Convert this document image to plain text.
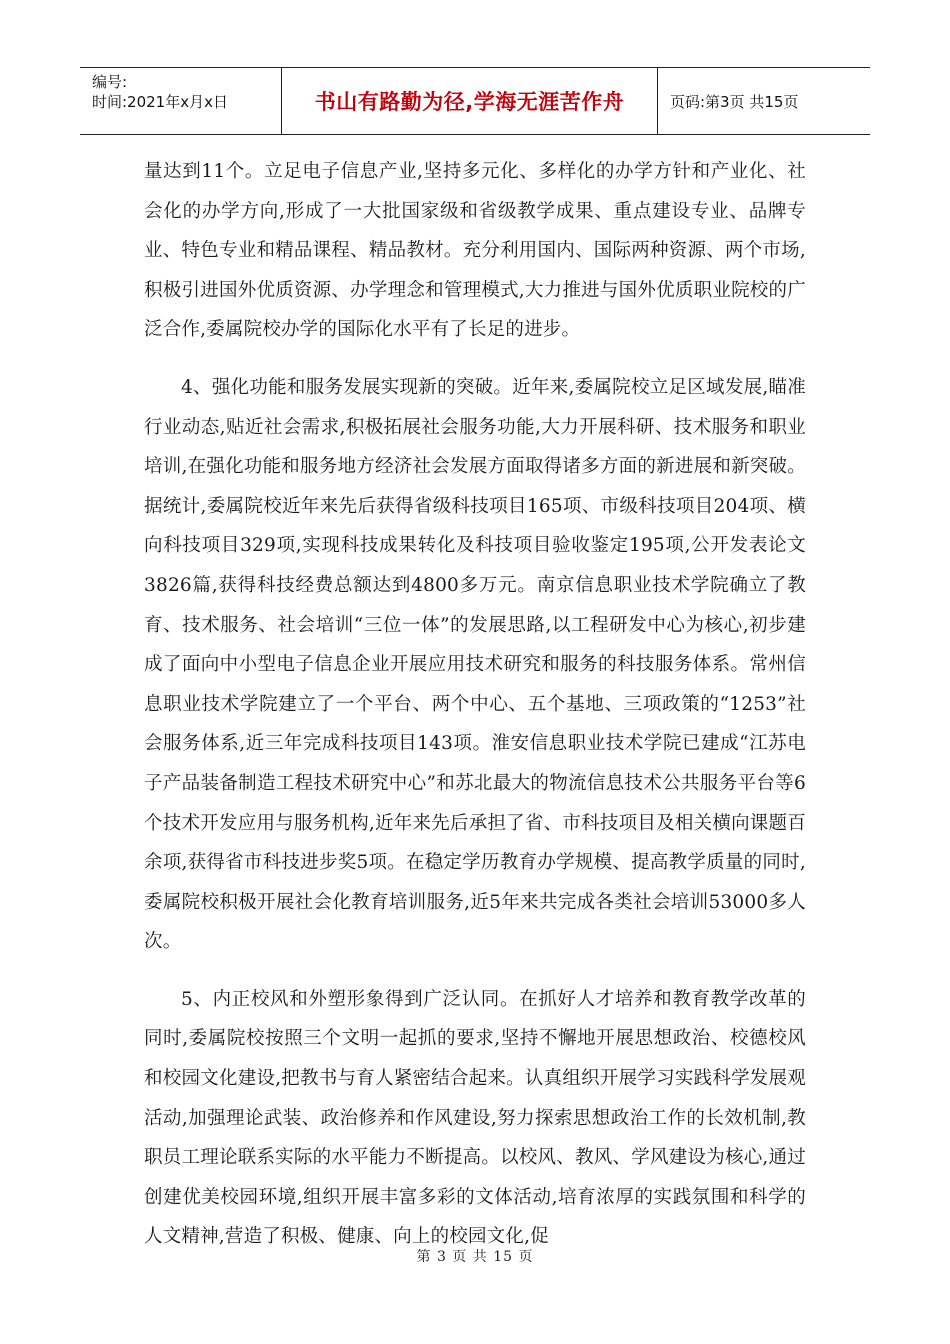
编号:
时间:2021年x月x日	书山有路勤为径,学海无涯苦作舟	页码:第3页 共15页

量达到11个。立足电子信息产业,坚持多元化、多样化的办学方针和产业化、社会化的办学方向,形成了一大批国家级和省级教学成果、重点建设专业、品牌专业、特色专业和精品课程、精品教材。充分利用国内、国际两种资源、两个市场,积极引进国外优质资源、办学理念和管理模式,大力推进与国外优质职业院校的广泛合作,委属院校办学的国际化水平有了长足的进步。

4、强化功能和服务发展实现新的突破。近年来,委属院校立足区域发展,瞄准行业动态,贴近社会需求,积极拓展社会服务功能,大力开展科研、技术服务和职业培训,在强化功能和服务地方经济社会发展方面取得诸多方面的新进展和新突破。据统计,委属院校近年来先后获得省级科技项目165项、市级科技项目204项、横向科技项目329项,实现科技成果转化及科技项目验收鉴定195项,公开发表论文3826篇,获得科技经费总额达到4800多万元。南京信息职业技术学院确立了教育、技术服务、社会培训“三位一体”的发展思路,以工程研发中心为核心,初步建成了面向中小型电子信息企业开展应用技术研究和服务的科技服务体系。常州信息职业技术学院建立了一个平台、两个中心、五个基地、三项政策的“1253”社会服务体系,近三年完成科技项目143项。淮安信息职业技术学院已建成“江苏电子产品装备制造工程技术研究中心”和苏北最大的物流信息技术公共服务平台等6个技术开发应用与服务机构,近年来先后承担了省、市科技项目及相关横向课题百余项,获得省市科技进步奖5项。在稳定学历教育办学规模、提高教学质量的同时,委属院校积极开展社会化教育培训服务,近5年来共完成各类社会培训53000多人次。

5、内正校风和外塑形象得到广泛认同。在抓好人才培养和教育教学改革的同时,委属院校按照三个文明一起抓的要求,坚持不懈地开展思想政治、校德校风和校园文化建设,把教书与育人紧密结合起来。认真组织开展学习实践科学发展观活动,加强理论武装、政治修养和作风建设,努力探索思想政治工作的长效机制,教职员工理论联系实际的水平能力不断提高。以校风、教风、学风建设为核心,通过创建优美校园环境,组织开展丰富多彩的文体活动,培育浓厚的实践氛围和科学的人文精神,营造了积极、健康、向上的校园文化,促

第 3 页 共 15 页
